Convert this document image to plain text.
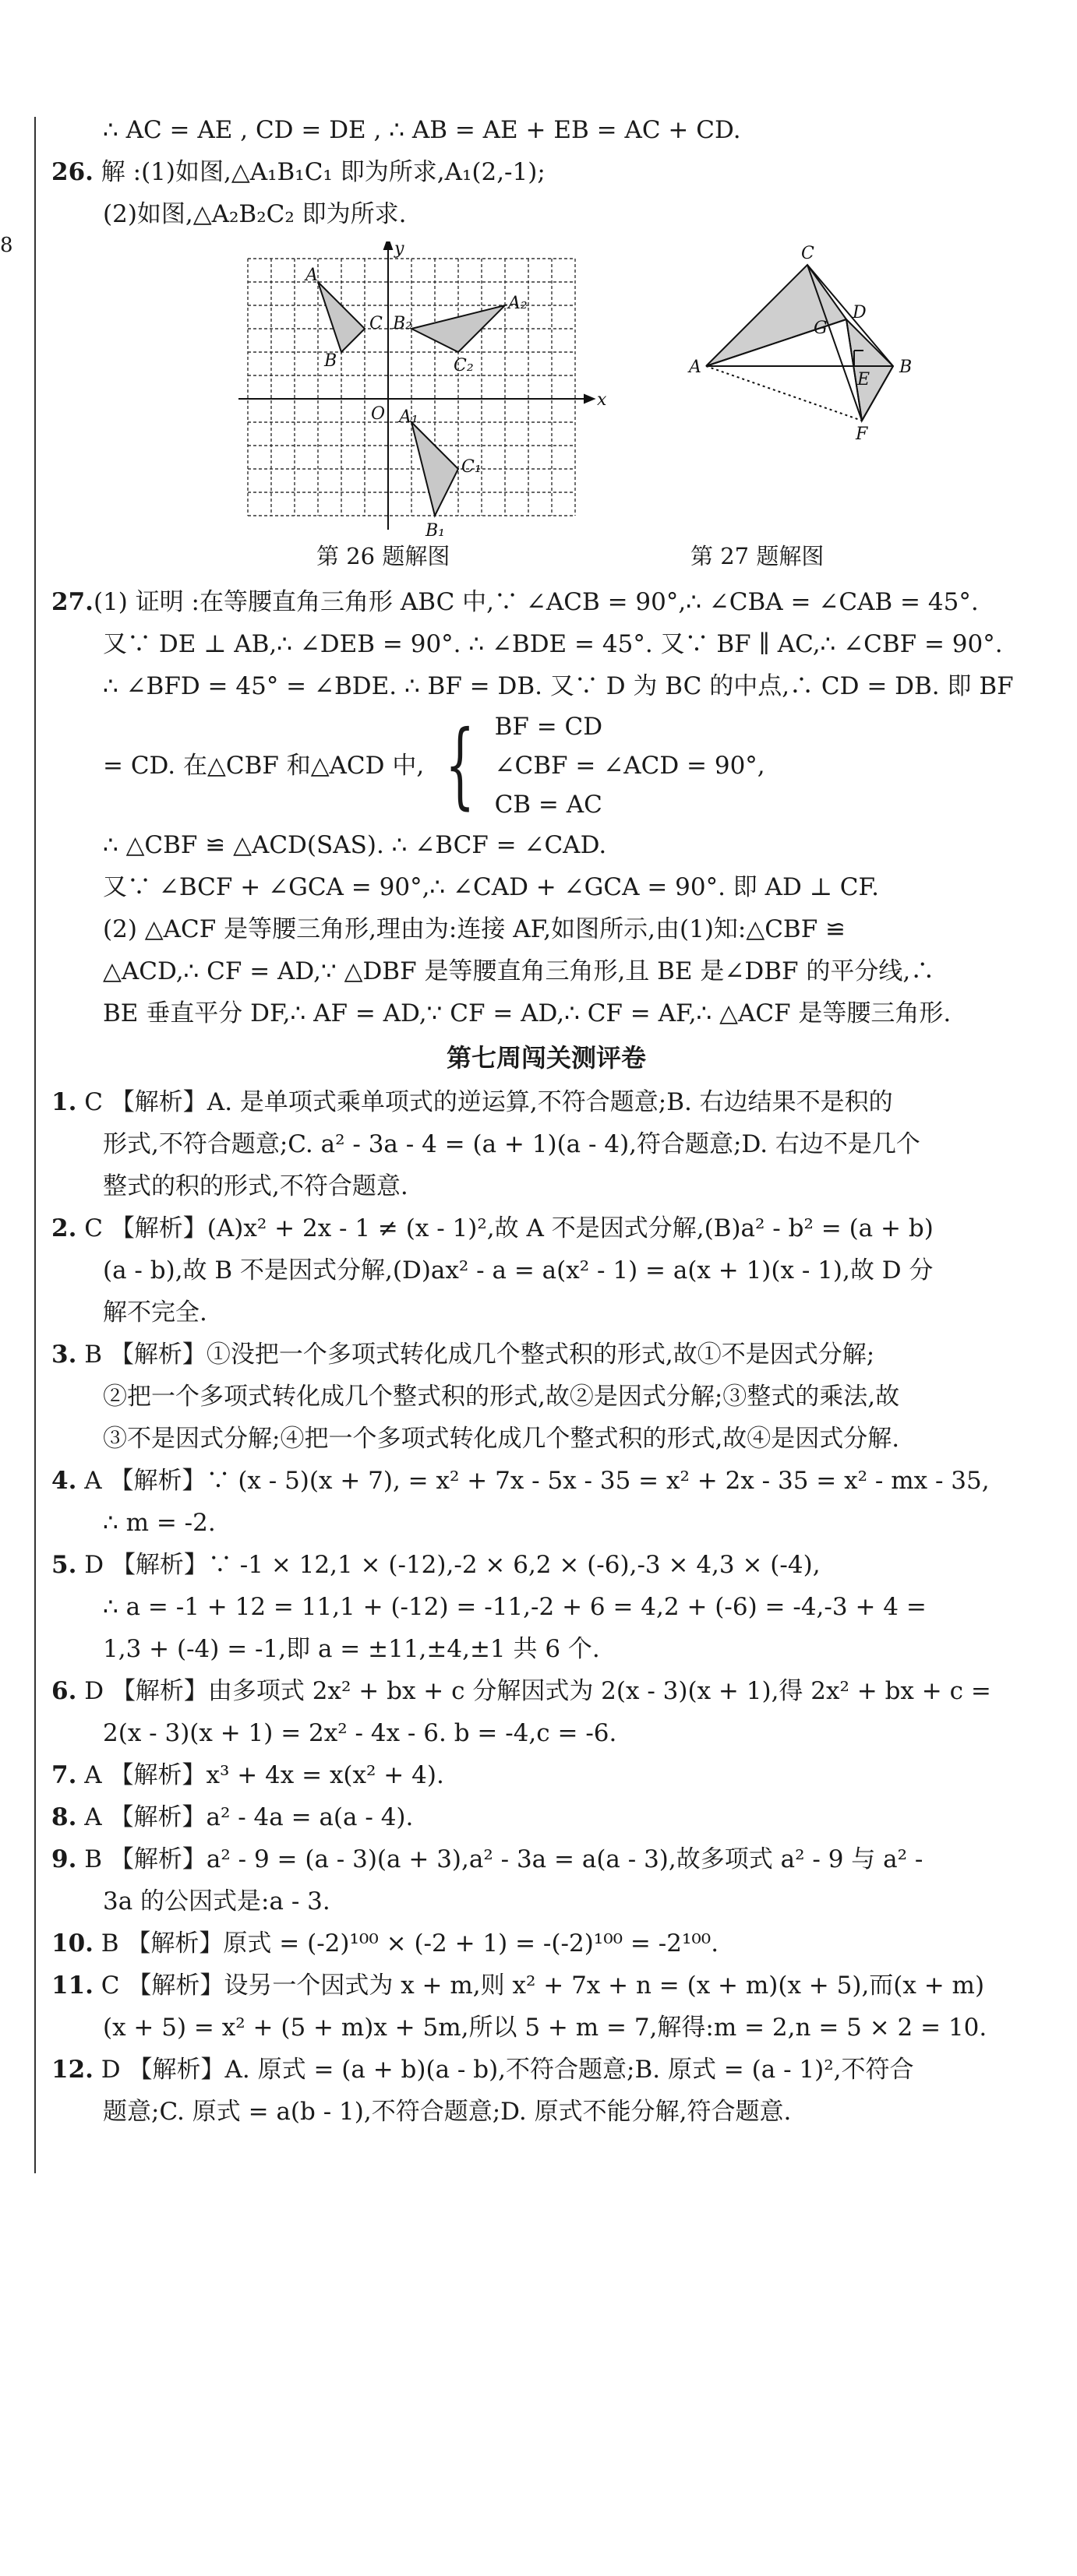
8
∴ AC = AE , CD = DE , ∴ AB = AE + EB = AC + CD.
26. 解 :(1)如图,△A₁B₁C₁ 即为所求,A₁(2,-1);
(2)如图,△A₂B₂C₂ 即为所求.
y
x
O
A
B
C
A₁
B₁
C₁
A₂
B₂
C₂	A	B
C
D
E
F
G
第 26 题解图	第 27 题解图
27.(1) 证明 :在等腰直角三角形 ABC 中,∵ ∠ACB = 90°,∴ ∠CBA = ∠CAB = 45°.
又∵ DE ⊥ AB,∴ ∠DEB = 90°. ∴ ∠BDE = 45°. 又∵ BF ∥ AC,∴ ∠CBF = 90°.
∴ ∠BFD = 45° = ∠BDE. ∴ BF = DB. 又∵ D 为 BC 的中点,∴ CD = DB. 即 BF
= CD. 在△CBF 和△ACD 中, { BF = CD
∠CBF = ∠ACD = 90°,
CB = AC
∴ △CBF ≌ △ACD(SAS). ∴ ∠BCF = ∠CAD.
又∵ ∠BCF + ∠GCA = 90°,∴ ∠CAD + ∠GCA = 90°. 即 AD ⊥ CF.
(2) △ACF 是等腰三角形,理由为:连接 AF,如图所示,由(1)知:△CBF ≌
△ACD,∴ CF = AD,∵ △DBF 是等腰直角三角形,且 BE 是∠DBF 的平分线,∴
BE 垂直平分 DF,∴ AF = AD,∵ CF = AD,∴ CF = AF,∴ △ACF 是等腰三角形.
第七周闯关测评卷
1. C 【解析】A. 是单项式乘单项式的逆运算,不符合题意;B. 右边结果不是积的
形式,不符合题意;C. a² - 3a - 4 = (a + 1)(a - 4),符合题意;D. 右边不是几个
整式的积的形式,不符合题意.
2. C 【解析】(A)x² + 2x - 1 ≠ (x - 1)²,故 A 不是因式分解,(B)a² - b² = (a + b)
(a - b),故 B 不是因式分解,(D)ax² - a = a(x² - 1) = a(x + 1)(x - 1),故 D 分
解不完全.
3. B 【解析】①没把一个多项式转化成几个整式积的形式,故①不是因式分解;
②把一个多项式转化成几个整式积的形式,故②是因式分解;③整式的乘法,故
③不是因式分解;④把一个多项式转化成几个整式积的形式,故④是因式分解.
4. A 【解析】∵ (x - 5)(x + 7), = x² + 7x - 5x - 35 = x² + 2x - 35 = x² - mx - 35,
∴ m = -2.
5. D 【解析】∵ -1 × 12,1 × (-12),-2 × 6,2 × (-6),-3 × 4,3 × (-4),
∴ a = -1 + 12 = 11,1 + (-12) = -11,-2 + 6 = 4,2 + (-6) = -4,-3 + 4 =
1,3 + (-4) = -1,即 a = ±11,±4,±1 共 6 个.
6. D 【解析】由多项式 2x² + bx + c 分解因式为 2(x - 3)(x + 1),得 2x² + bx + c =
2(x - 3)(x + 1) = 2x² - 4x - 6. b = -4,c = -6.
7. A 【解析】x³ + 4x = x(x² + 4).
8. A 【解析】a² - 4a = a(a - 4).
9. B 【解析】a² - 9 = (a - 3)(a + 3),a² - 3a = a(a - 3),故多项式 a² - 9 与 a² -
3a 的公因式是:a - 3.
10. B 【解析】原式 = (-2)¹⁰⁰ × (-2 + 1) = -(-2)¹⁰⁰ = -2¹⁰⁰.
11. C 【解析】设另一个因式为 x + m,则 x² + 7x + n = (x + m)(x + 5),而(x + m)
(x + 5) = x² + (5 + m)x + 5m,所以 5 + m = 7,解得:m = 2,n = 5 × 2 = 10.
12. D 【解析】A. 原式 = (a + b)(a - b),不符合题意;B. 原式 = (a - 1)²,不符合
题意;C. 原式 = a(b - 1),不符合题意;D. 原式不能分解,符合题意.
